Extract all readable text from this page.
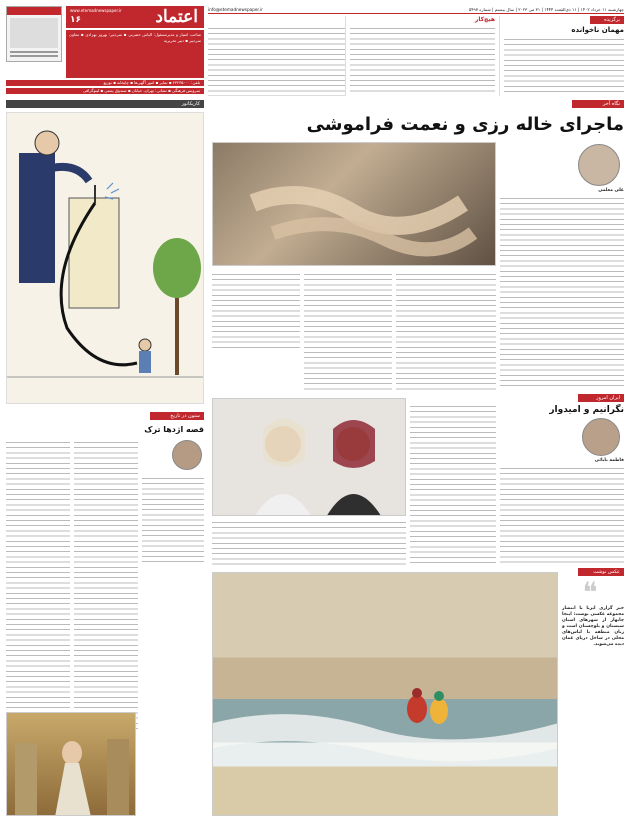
اعتماد
www.etemadnewspaper.ir
۱۶
صاحب امتیاز و مدیرمسئول: الیاس حضرتی ▪ سردبیر: بهروز بهزادی ▪ معاون سردبیر ▪ دبیر تحریریه
تلفن: ۴۳۲۳۵۰۰۰ ▪ نمابر ▪ امور آگهی‌ها ▪ چاپخانه ▪ توزیع
سرویس فرهنگی ▪ نشانی: تهران، خیابان ▪ صندوق پستی ▪ لیتوگرافی
چهارشنبه ۱۱ خرداد ۱۴۰۲ | ۱۱ ذی‌القعده ۱۴۴۴ | ۳۱ می ۲۰۲۳ | سال بیستم | شماره ۵۴۹۷
info@etemadnewspaper.ir
برگزیده
مهمان ناخوانده
هیچ‌کار
کاریکاتور	نگاه آخر
ماجرای خاله رزی و نعمت فراموشی
علی معلمی
ایران امروز
نگرانیم و امیدوار
فاطمه بابائی
ستون در تاریخ
قصه اژدها ترک
عکس نوشت
❝
خبر گزاری ایرنا با انتشار مجموعه عکسی نوشت: اینجا چابهار از شهرهای استان سیستان و بلوچستان است و زنان منطقه با لباس‌های محلی در ساحل دریای عمان دیده می‌شوند.
